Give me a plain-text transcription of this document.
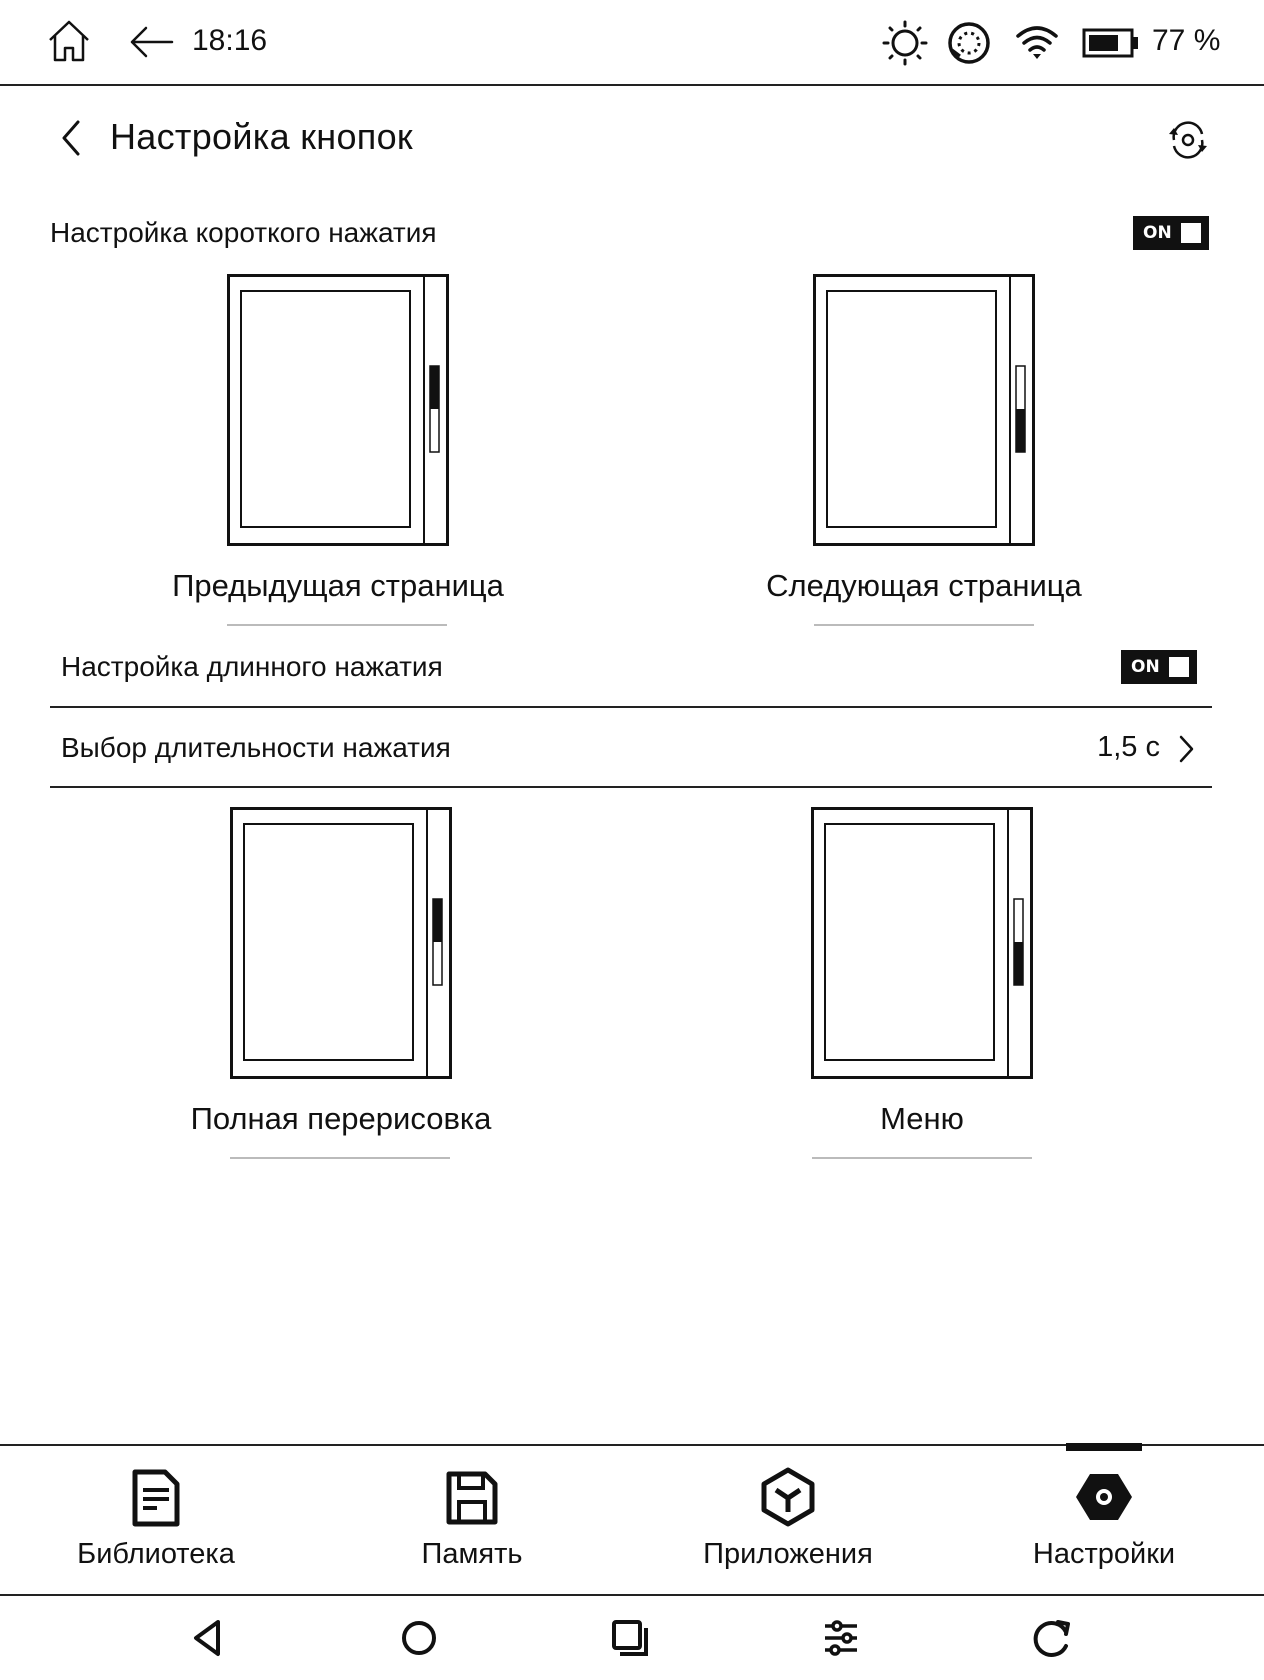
18:16	77 %
Настройка кнопок
Настройка короткого нажатия	ON
Предыдущая страница	Следующая страница
Настройка длинного нажатия	ON
Выбор длительности нажатия	1,5 с
Полная перерисовка	Меню
Библиотека	Память	Приложения	Настройки
